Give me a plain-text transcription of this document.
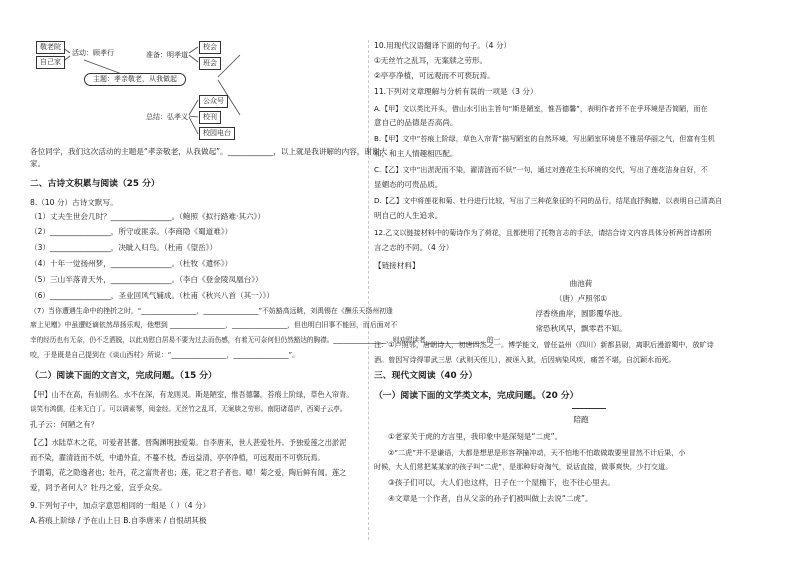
敬老院
自己家
活动：顾孝行
主题：孝亲敬老，从我做起
准备：明孝道
校会
班会
总结：弘孝义
公众号
校刊
校园电台
各位同学，我们这次活动的主题是“孝亲敬老，从我做起”。____________，以上就是我讲解的内容，谢谢大
家。
二、古诗文积累与阅读（25 分）
8.（10 分）古诗文默写。
（1）丈夫生世会几时？________________。（鲍照《拟行路难·其六》）
（2）________________，所守或匪亲。（李商隐《蜀道难》）
（3）________________，决眦入归鸟。（杜甫《望岳》）
（4）十年一觉扬州梦，________________。（杜牧《遣怀》）
（5）三山半落青天外，________________。（李白《登金陵凤凰台》）
（6）________________，圣业回风气辅成。（杜甫《秋兴八首（其一）》）
（7）当你遭遇生命中的挫折之时，“________________，________________”不妨豁高远眺，刘禹锡在《酬乐天扬州初逢
席上见赠》中虽遭贬谪依然昂扬乐观，他想到 ________________，________________，但也明白旧事不能回，而后面对不
幸的经历也有无奈，仍不乏洒脱，以此劝慰白居易不要为过去而伤感，有着无可奈何但仍然豁达的胸襟。________________，则劝慰读者 ________________，的一
咬，于是既是自己提到在《谈山西村》所说：“________________，________________”。
（二）阅读下面的文言文，完成问题。（15 分）
【甲】山不在高，有仙则名。水不在深，有龙则灵。斯是陋室，惟吾德馨。苔痕上阶绿，草色入帘青。
谈笑有鸿儒，往来无白丁。可以调素琴，阅金经。无丝竹之乱耳，无案牍之劳形。南阳诸葛庐，西蜀子云亭。
孔子云：何陋之有？
【乙】水陆草木之花，可爱者甚蕃。晋陶渊明独爱菊。自李唐来，世人甚爱牡丹。予独爱莲之出淤泥
而不染，濯清涟而不妖，中通外直，不蔓不枝，香远益清，亭亭净植，可远观而不可亵玩焉。
予谓菊，花之隐逸者也；牡丹，花之富贵者也；莲，花之君子者也。噫！菊之爱，陶后鲜有闻。莲之
爱，同予者何人？牡丹之爱，宜乎众矣。
9.下列句子中，加点字意思相同的一组是（ ）（4 分）
A.苔痕上阶绿 / 予在山上日 B.自李唐来 / 自恨胡其极
10.用现代汉语翻译下面的句子。（4 分）
①无丝竹之乱耳，无案牍之劳形。
②亭亭净植，可远观而不可亵玩焉。
11.下列对文章理解与分析有误的一项是（3 分）
A.【甲】文以类比开头，借山水引出主旨句“斯是陋室，惟吾德馨”，表明作者并不在乎环境是否简陋，而在
意自己的品德是否高尚。
B.【甲】文中“苔痕上阶绿，草色入帘青”描写陋室的自然环境，写出陋室环境是不雅居华丽之气，但富有生机
和，和主人情趣相匹配。
C.【乙】文中“出淤泥而不染，濯清涟而不妖”一句，通过对莲花生长环境的交代，写出了莲花洁身自好，不
显媚态的可贵品质。
D.【乙】文中将莲花和菊、牡丹进行比较，写出了三种花象征的不同的品行，结尾直抒胸臆，以表明自己清高自
明自己的人生追求。
12.乙文以链接材料中的菊诗作为了荷花，且都使用了托物言志的手法，请结合诗文内容具体分析两首诗都所
言之志的不同。（4 分）
【链接材料】
曲池荷
（唐）卢照邻①
浮香绕曲岸，圆影覆华池。
常恐秋风早，飘零君不知。
注：①卢照邻，唐朝诗人，初唐四杰之一。博学能文，曾任益州（四川）新都县尉，离职后漫游蜀中，放旷诗
酒。曾因写诗得罪武三思（武则天侄儿），被诬入狱，后因病染风疾，痛苦不堪，自沉颖水而死。
三、现代文阅读（40 分）
（一）阅读下面的文学类文本，完成问题。（20 分）
陪跑
①老家关于虎的方言里，我印象中是深刻是“二虎”。
②“二虎”并不是谦语，大都是想思是形容莽撞冲动，天不怕地不怕敢做敢要里冒然不计后果，小
时候，大人们常把某某家的孩子叫“二虎”，是那种好奇淘气，说话直接，做事爽快，少打交道。
③孩子们可以，大人们也这样，日子在一个屋檐下，也不往心里去。
④文章是一个作者，自从父亲的孙子们被叫做上去说“二虎”。
